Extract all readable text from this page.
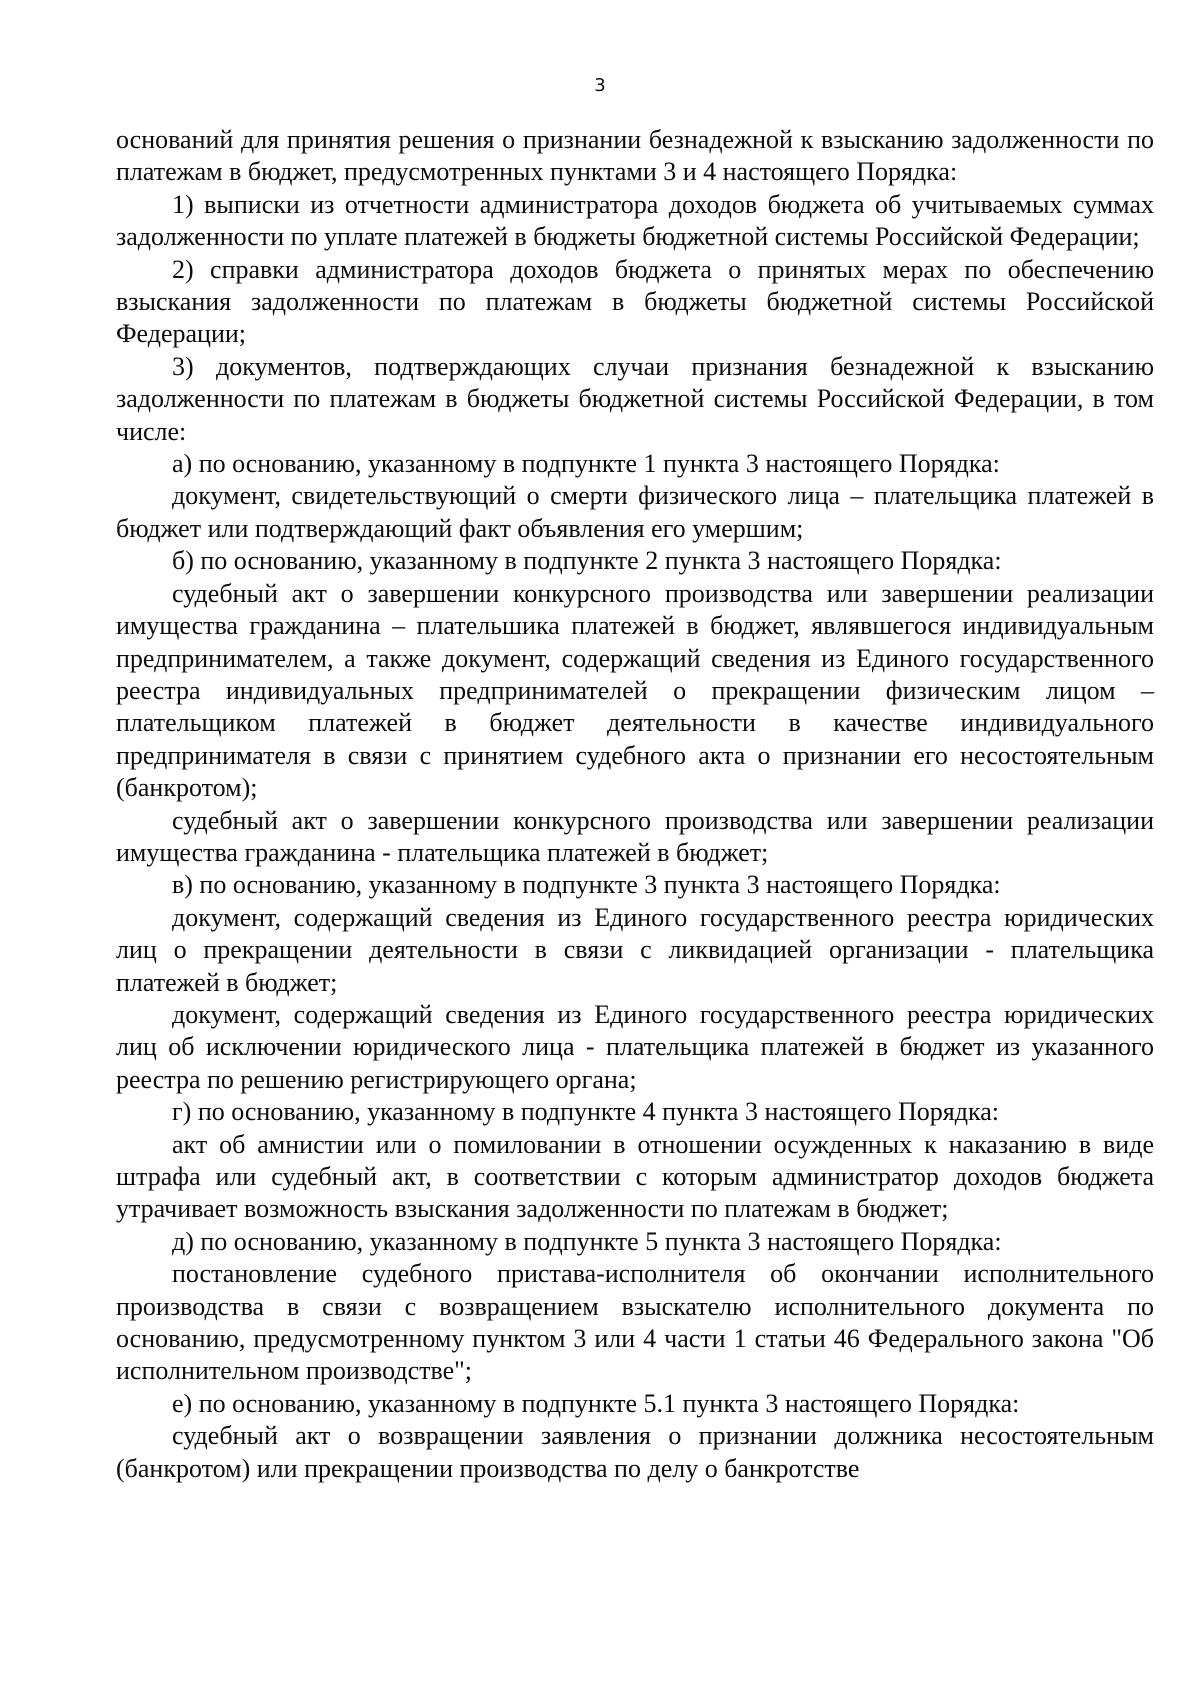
3

оснований для принятия решения о признании безнадежной к взысканию задолженности по платежам в бюджет, предусмотренных пунктами 3 и 4 настоящего Порядка:

1) выписки из отчетности администратора доходов бюджета об учитываемых суммах задолженности по уплате платежей в бюджеты бюджетной системы Российской Федерации;

2) справки администратора доходов бюджета о принятых мерах по обеспечению взыскания задолженности по платежам в бюджеты бюджетной системы Российской Федерации;

3) документов, подтверждающих случаи признания безнадежной к взысканию задолженности по платежам в бюджеты бюджетной системы Российской Федерации, в том числе:

а) по основанию, указанному в подпункте 1 пункта 3 настоящего Порядка:

документ, свидетельствующий о смерти физического лица – плательщика платежей в бюджет или подтверждающий факт объявления его умершим;

б) по основанию, указанному в подпункте 2 пункта 3 настоящего Порядка:

судебный акт о завершении конкурсного производства или завершении реализации имущества гражданина – плательшика платежей в бюджет, являвшегося индивидуальным предпринимателем, а также документ, содержащий сведения из Единого государственного реестра индивидуальных предпринимателей о прекращении физическим лицом – плательщиком платежей в бюджет деятельности в качестве индивидуального предпринимателя в связи с принятием судебного акта о признании его несостоятельным (банкротом);

судебный акт о завершении конкурсного производства или завершении реализации имущества гражданина - плательщика платежей в бюджет;

в) по основанию, указанному в подпункте 3 пункта 3 настоящего Порядка:

документ, содержащий сведения из Единого государственного реестра юридических лиц о прекращении деятельности в связи с ликвидацией организации - плательщика платежей в бюджет;

документ, содержащий сведения из Единого государственного реестра юридических лиц об исключении юридического лица - плательщика платежей в бюджет из указанного реестра по решению регистрирующего органа;

г) по основанию, указанному в подпункте 4 пункта 3 настоящего Порядка:

акт об амнистии или о помиловании в отношении осужденных к наказанию в виде штрафа или судебный акт, в соответствии с которым администратор доходов бюджета утрачивает возможность взыскания задолженности по платежам в бюджет;

д) по основанию, указанному в подпункте 5 пункта 3 настоящего Порядка:

постановление судебного пристава-исполнителя об окончании исполнительного производства в связи с возвращением взыскателю исполнительного документа по основанию, предусмотренному пунктом 3 или 4 части 1 статьи 46 Федерального закона "Об исполнительном производстве";

е) по основанию, указанному в подпункте 5.1 пункта 3 настоящего Порядка:

судебный акт о возвращении заявления о признании должника несостоятельным (банкротом) или прекращении производства по делу о банкротстве
